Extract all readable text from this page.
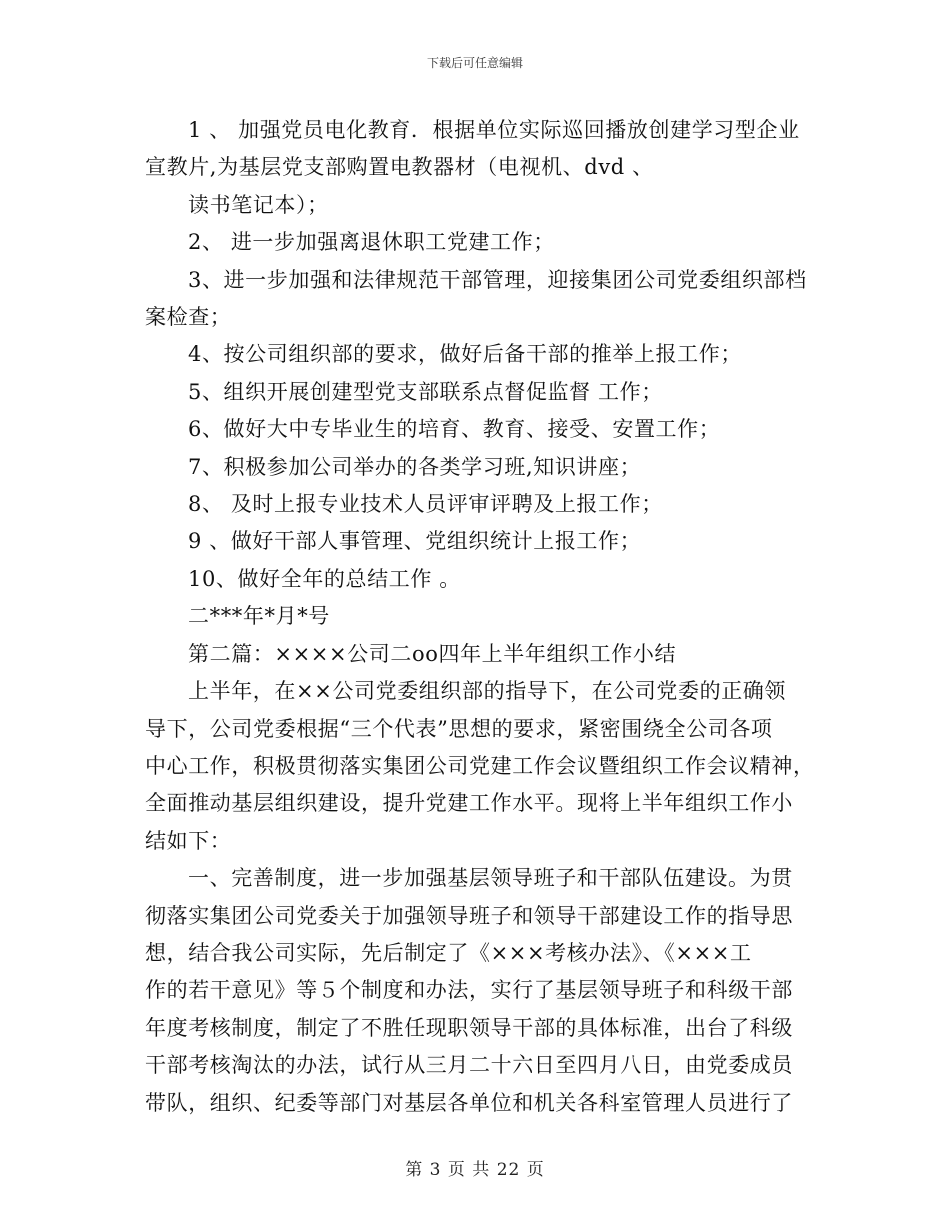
下载后可任意编辑
1 、 加强党员电化教育．根据单位实际巡回播放创建学习型企业
宣教片,为基层党支部购置电教器材（电视机、dvd 、
读书笔记本）；
2、 进一步加强离退休职工党建工作；
3、进一步加强和法律规范干部管理，迎接集团公司党委组织部档
案检查；
4、按公司组织部的要求，做好后备干部的推举上报工作；
5、组织开展创建型党支部联系点督促监督 工作；
6、做好大中专毕业生的培育、教育、接受、安置工作；
7、积极参加公司举办的各类学习班,知识讲座；
8、 及时上报专业技术人员评审评聘及上报工作；
9 、做好干部人事管理、党组织统计上报工作；
10、做好全年的总结工作 。
二***年*月*号
第二篇：××××公司二oo四年上半年组织工作小结
上半年，在××公司党委组织部的指导下，在公司党委的正确领
导下，公司党委根据“三个代表”思想的要求，紧密围绕全公司各项
中心工作，积极贯彻落实集团公司党建工作会议暨组织工作会议精神，
全面推动基层组织建设，提升党建工作水平。现将上半年组织工作小
结如下：
一、完善制度，进一步加强基层领导班子和干部队伍建设。为贯
彻落实集团公司党委关于加强领导班子和领导干部建设工作的指导思
想，结合我公司实际，先后制定了《×××考核办法》、《×××工
作的若干意见》等５个制度和办法，实行了基层领导班子和科级干部
年度考核制度，制定了不胜任现职领导干部的具体标准，出台了科级
干部考核淘汰的办法，试行从三月二十六日至四月八日，由党委成员
带队，组织、纪委等部门对基层各单位和机关各科室管理人员进行了
第 3 页 共 22 页
